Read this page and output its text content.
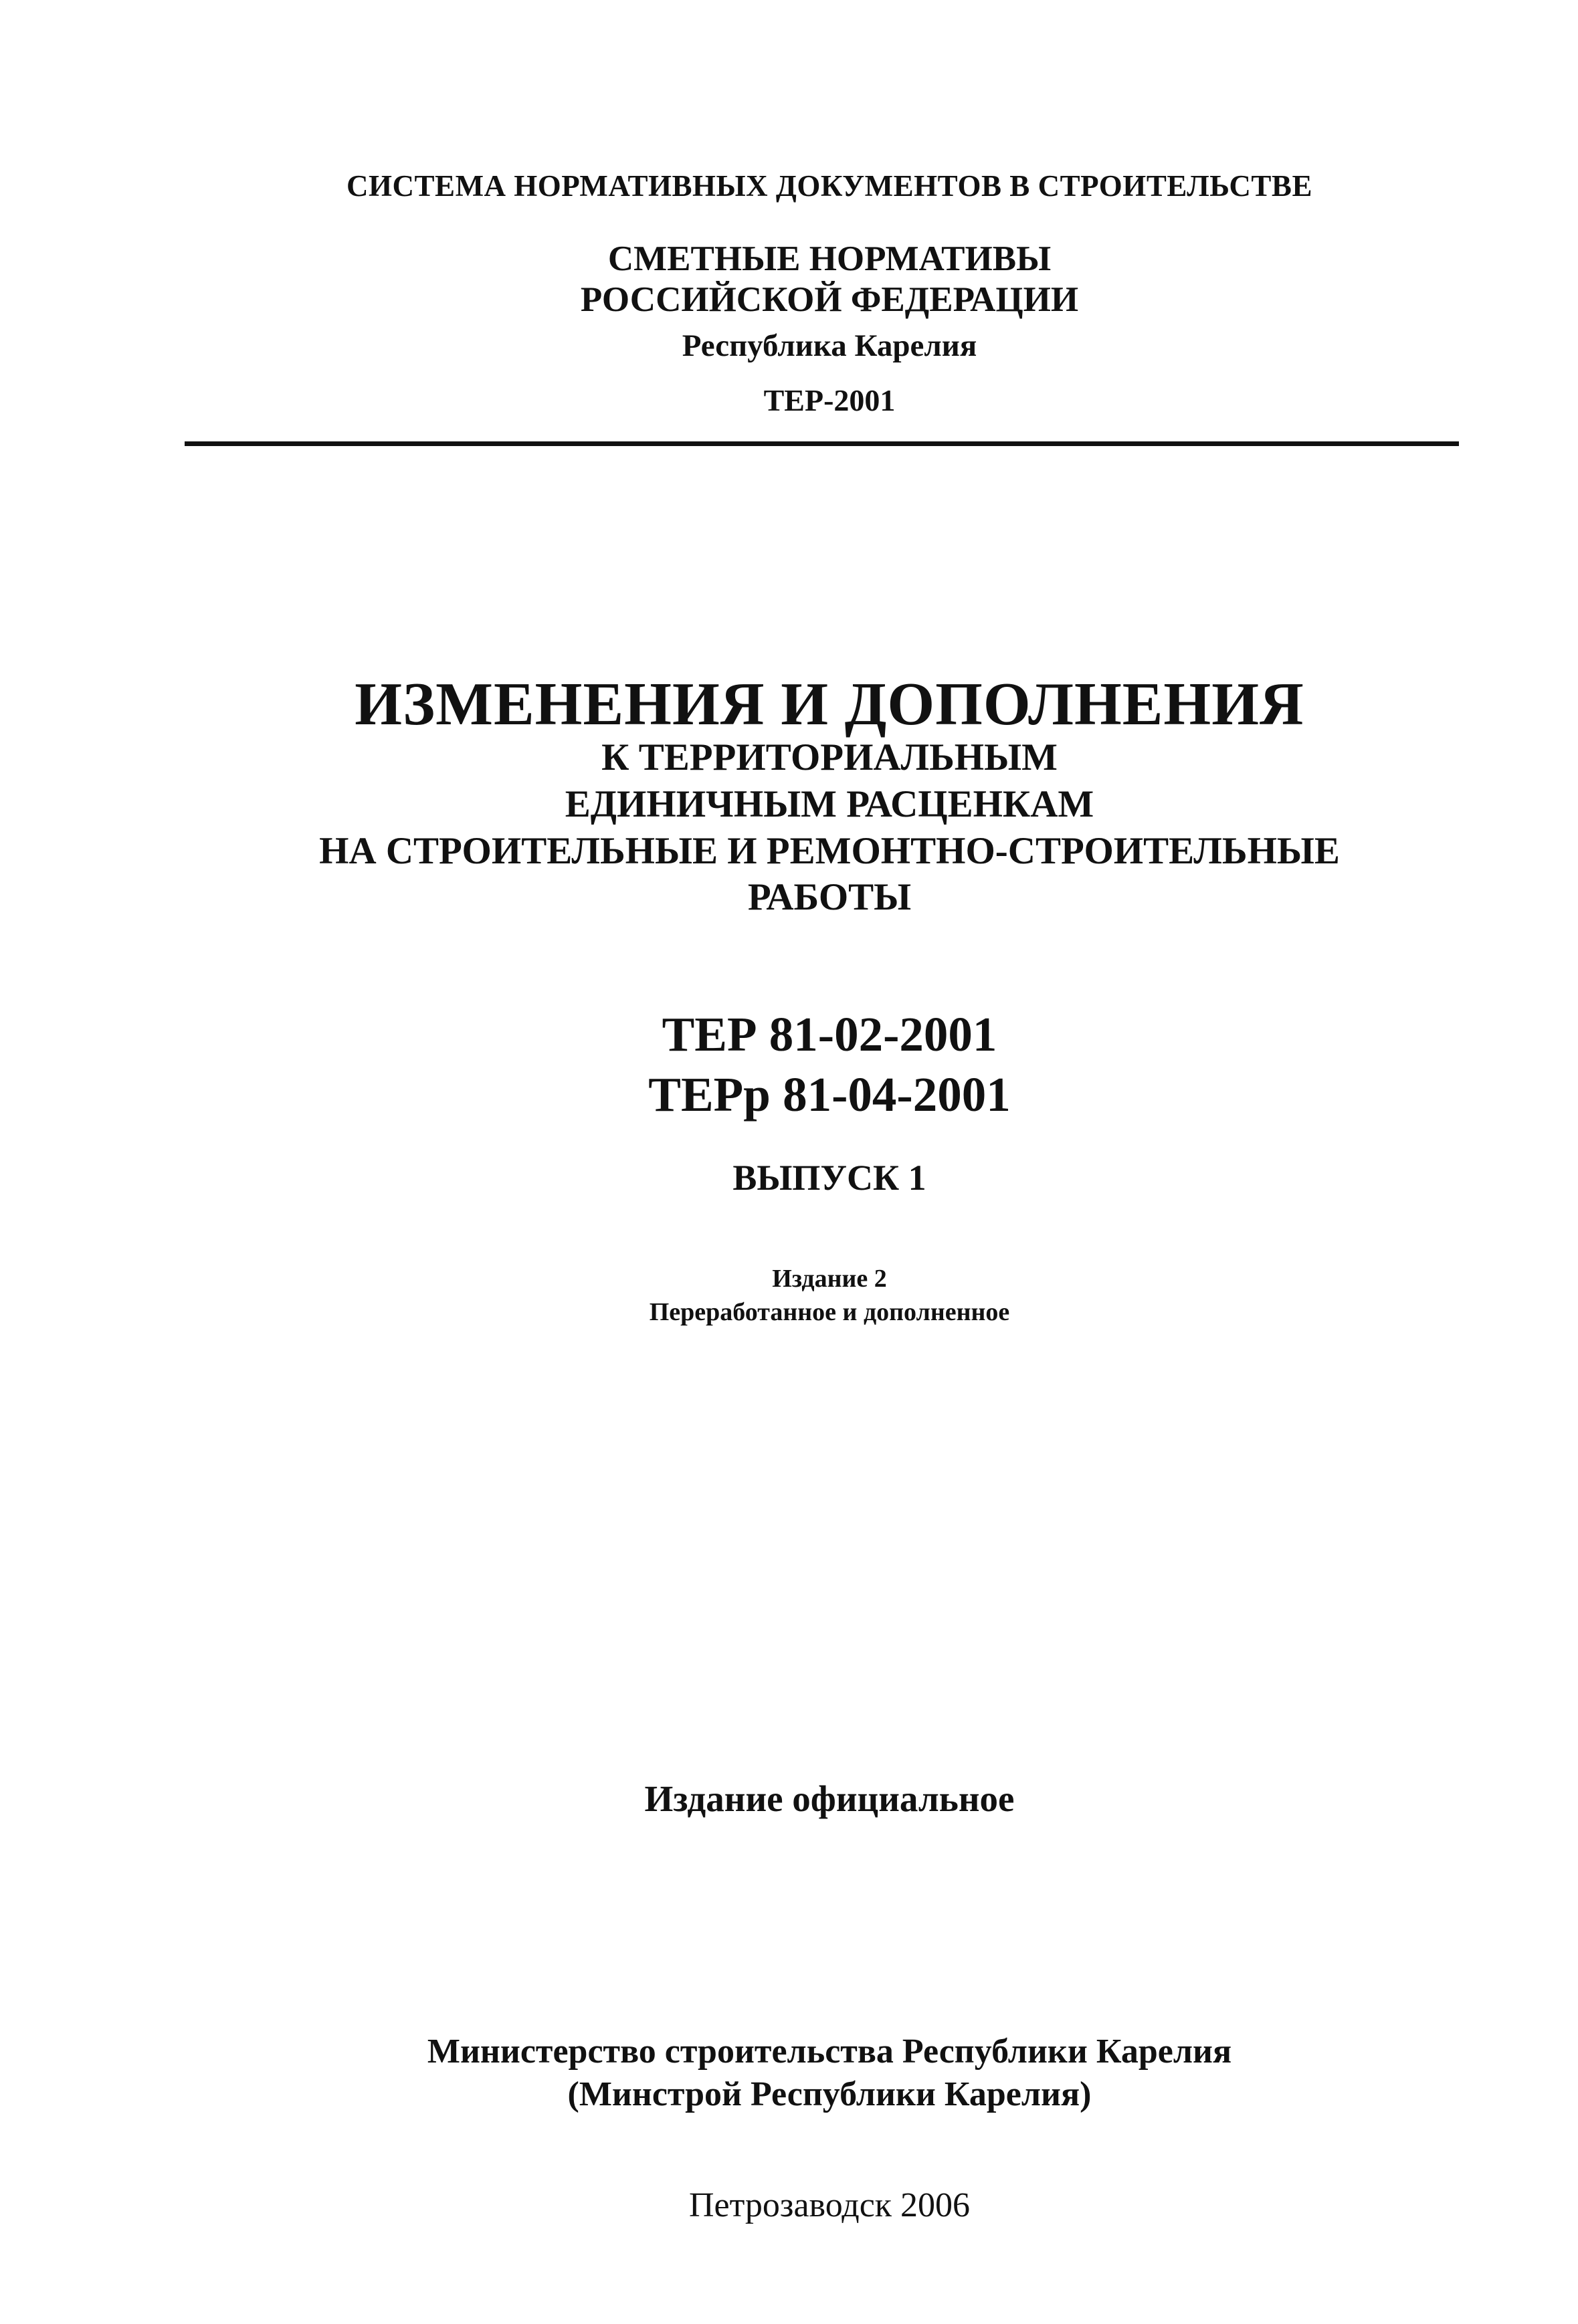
СИСТЕМА НОРМАТИВНЫХ ДОКУМЕНТОВ В СТРОИТЕЛЬСТВЕ
СМЕТНЫЕ НОРМАТИВЫ
РОССИЙСКОЙ ФЕДЕРАЦИИ
Республика Карелия
ТЕР-2001
ИЗМЕНЕНИЯ И ДОПОЛНЕНИЯ
К ТЕРРИТОРИАЛЬНЫМ
ЕДИНИЧНЫМ РАСЦЕНКАМ
НА СТРОИТЕЛЬНЫЕ И РЕМОНТНО-СТРОИТЕЛЬНЫЕ
РАБОТЫ
ТЕР 81-02-2001
ТЕРр 81-04-2001
ВЫПУСК 1
Издание 2
Переработанное и дополненное
Издание официальное
Министерство строительства Республики Карелия
(Минстрой Республики Карелия)
Петрозаводск 2006
